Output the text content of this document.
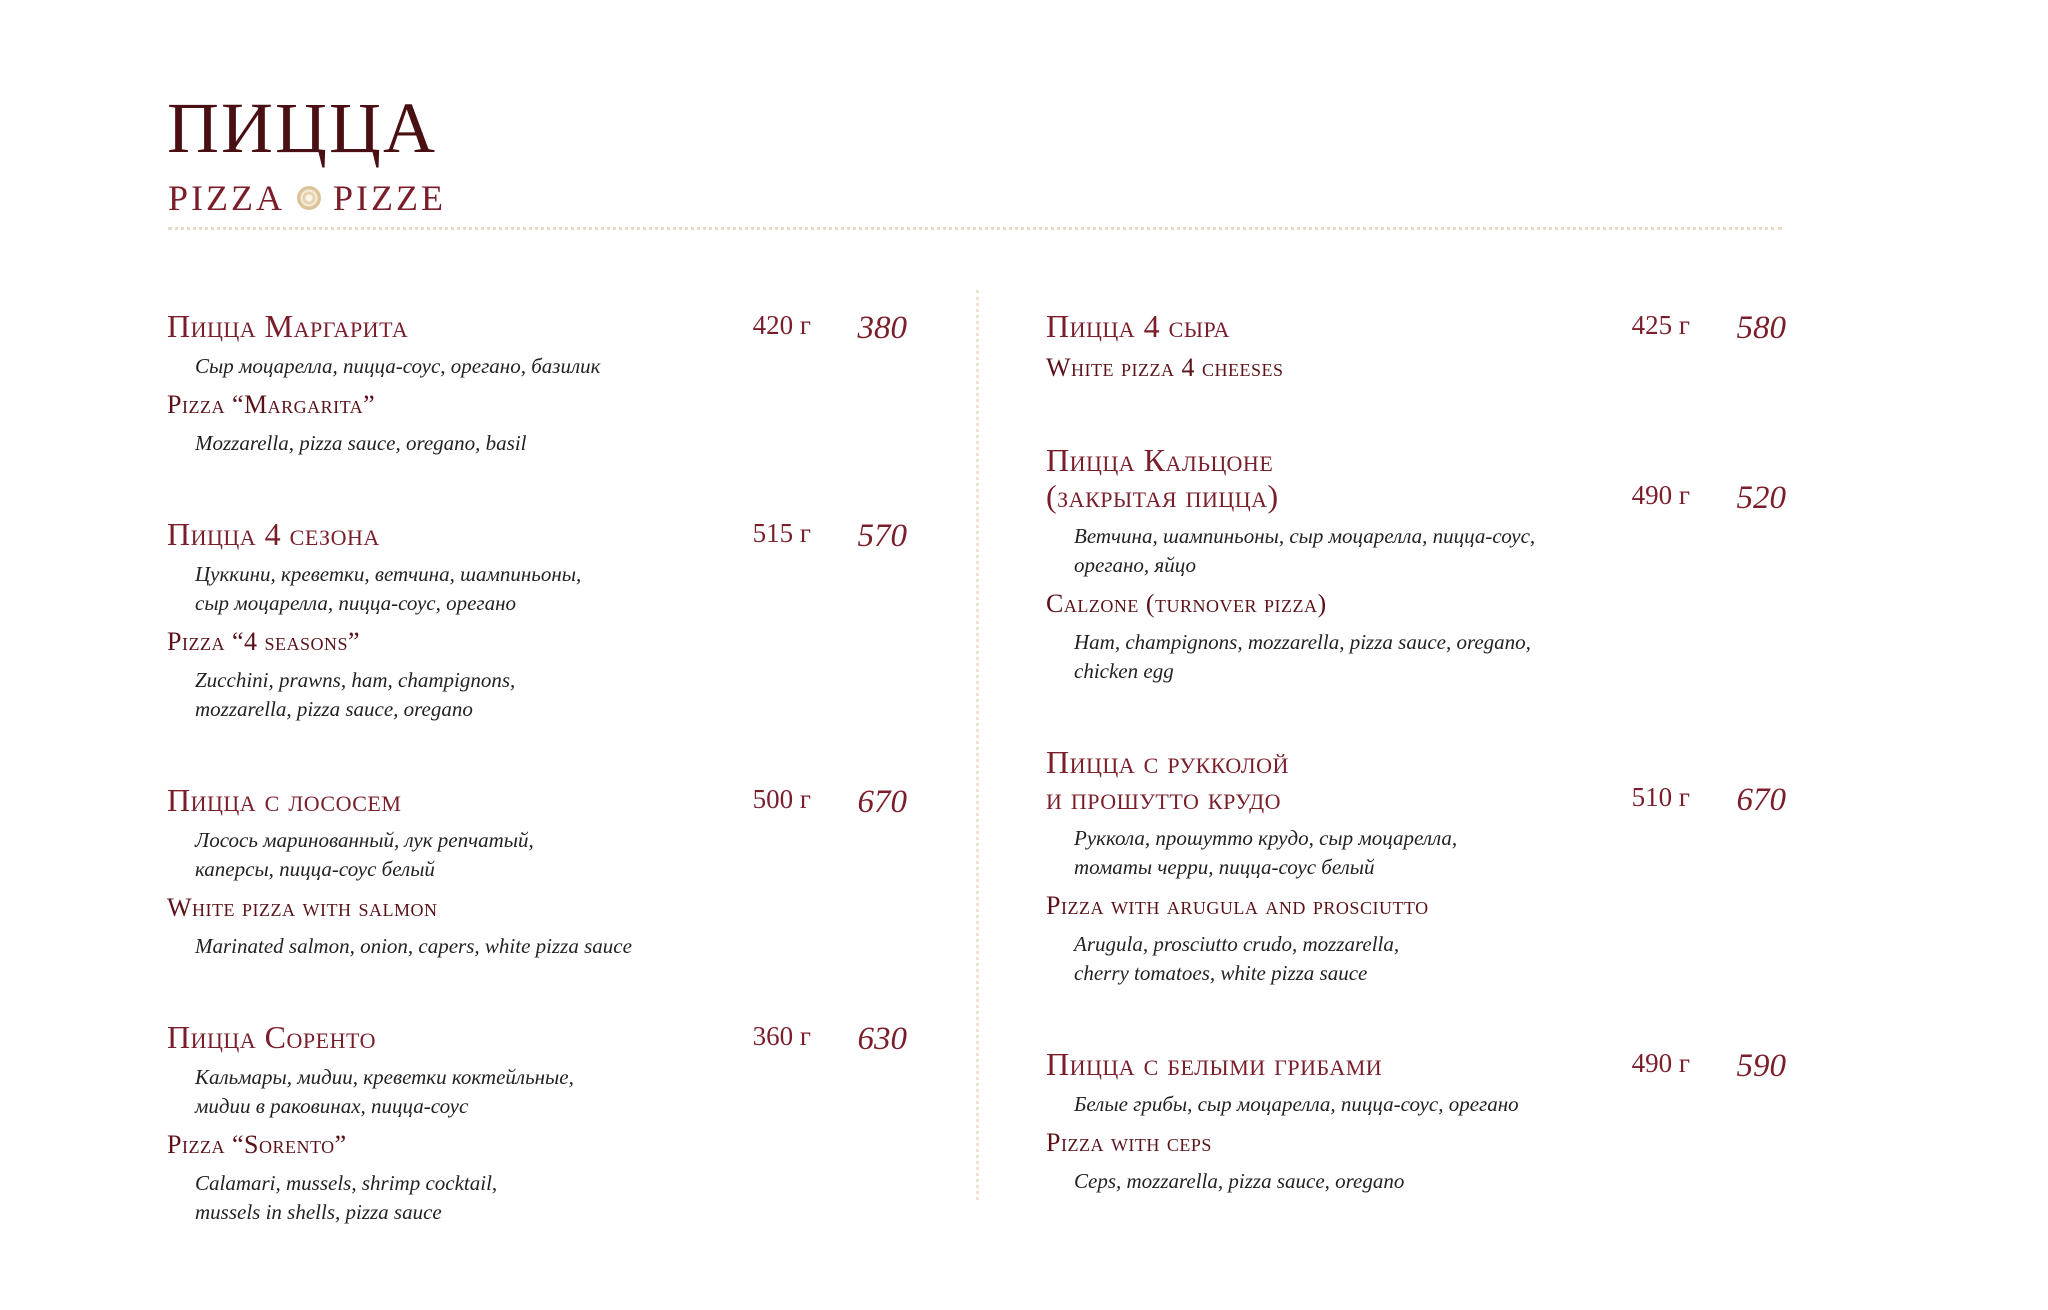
ПИЦЦА
PIZZA PIZZE
Пицца Маргарита	420 г 380
Сыр моцарелла, пицца-соус, орегано, базилик
Pizza “Margarita”
Mozzarella, pizza sauce, oregano, basil
Пицца 4 сезона	515 г 570
Цуккини, креветки, ветчина, шампиньоны,
сыр моцарелла, пицца-соус, орегано
Pizza “4 seasons”
Zucchini, prawns, ham, champignons,
mozzarella, pizza sauce, oregano
Пицца с лососем	500 г 670
Лосось маринованный, лук репчатый,
каперсы, пицца-соус белый
White pizza with salmon
Marinated salmon, onion, capers, white pizza sauce
Пицца Соренто	360 г 630
Кальмары, мидии, креветки коктейльные,
мидии в раковинах, пицца-соус
Pizza “Sorento”
Calamari, mussels, shrimp cocktail,
mussels in shells, pizza sauce
Пицца 4 сыра	425 г 580
White pizza 4 cheeses
Пицца Кальцоне
(закрытая пицца)	490 г 520
Ветчина, шампиньоны, сыр моцарелла, пицца-соус,
орегано, яйцо
Calzone (turnover pizza)
Ham, champignons, mozzarella, pizza sauce, oregano,
chicken egg
Пицца с рукколой
и прошутто крудо	510 г 670
Руккола, прошутто крудо, сыр моцарелла,
томаты черри, пицца-соус белый
Pizza with arugula and prosciutto
Arugula, prosciutto crudo, mozzarella,
cherry tomatoes, white pizza sauce
Пицца с белыми грибами	490 г 590
Белые грибы, сыр моцарелла, пицца-соус, орегано
Pizza with ceps
Ceps, mozzarella, pizza sauce, oregano
